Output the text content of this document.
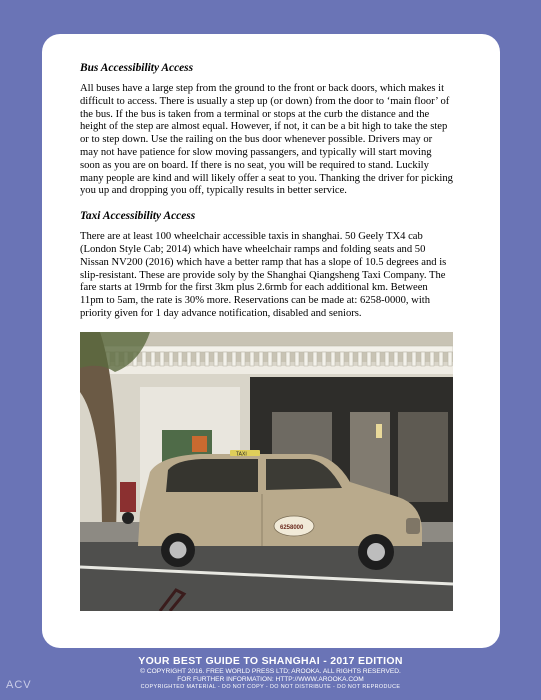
Bus Accessibility Access

All buses have a large step from the ground to the front or back doors, which makes it difficult to access. There is usually a step up (or down) from the door to ‘main floor’ of the bus. If the bus is taken from a terminal or stops at the curb the distance and the height of the step are almost equal. However, if not, it can be a bit high to take the step or to step down. Use the railing on the bus door whenever possible. Drivers may or may not have patience for slow moving passangers, and typically will start moving soon as you are on board. If there is no seat, you will be required to stand. Luckily many people are kind and will likely offer a seat to you. Thanking the driver for picking you up and dropping you off, typically results in better service.

Taxi Accessibility Access

There are at least 100 wheelchair accessible taxis in shanghai. 50 Geely TX4 cab (London Style Cab; 2014) which have wheelchair ramps and folding seats and 50 Nissan NV200 (2016) which have a better ramp that has a slope of 10.5 degrees and is slip-resistant. These are provide soly by the Shanghai Qiangsheng Taxi Company. The fare starts at 19rmb for the first 3km plus 2.6rmb for each additional km. Between 11pm to 5am, the rate is 30% more. Reservations can be made at: 6258-0000, with priority given for 1 day advance notification, disabled and seniors.

TAXI
6258000
YOUR BEST GUIDE TO SHANGHAI - 2017 EDITION
© COPYRIGHT 2016. FREE WORLD PRESS LTD; AROOKA. ALL RIGHTS RESERVED.
FOR FURTHER INFORMATION: HTTP://WWW.AROOKA.COM
COPYRIGHTED MATERIAL - DO NOT COPY - DO NOT DISTRIBUTE - DO NOT REPRODUCE
ACV
